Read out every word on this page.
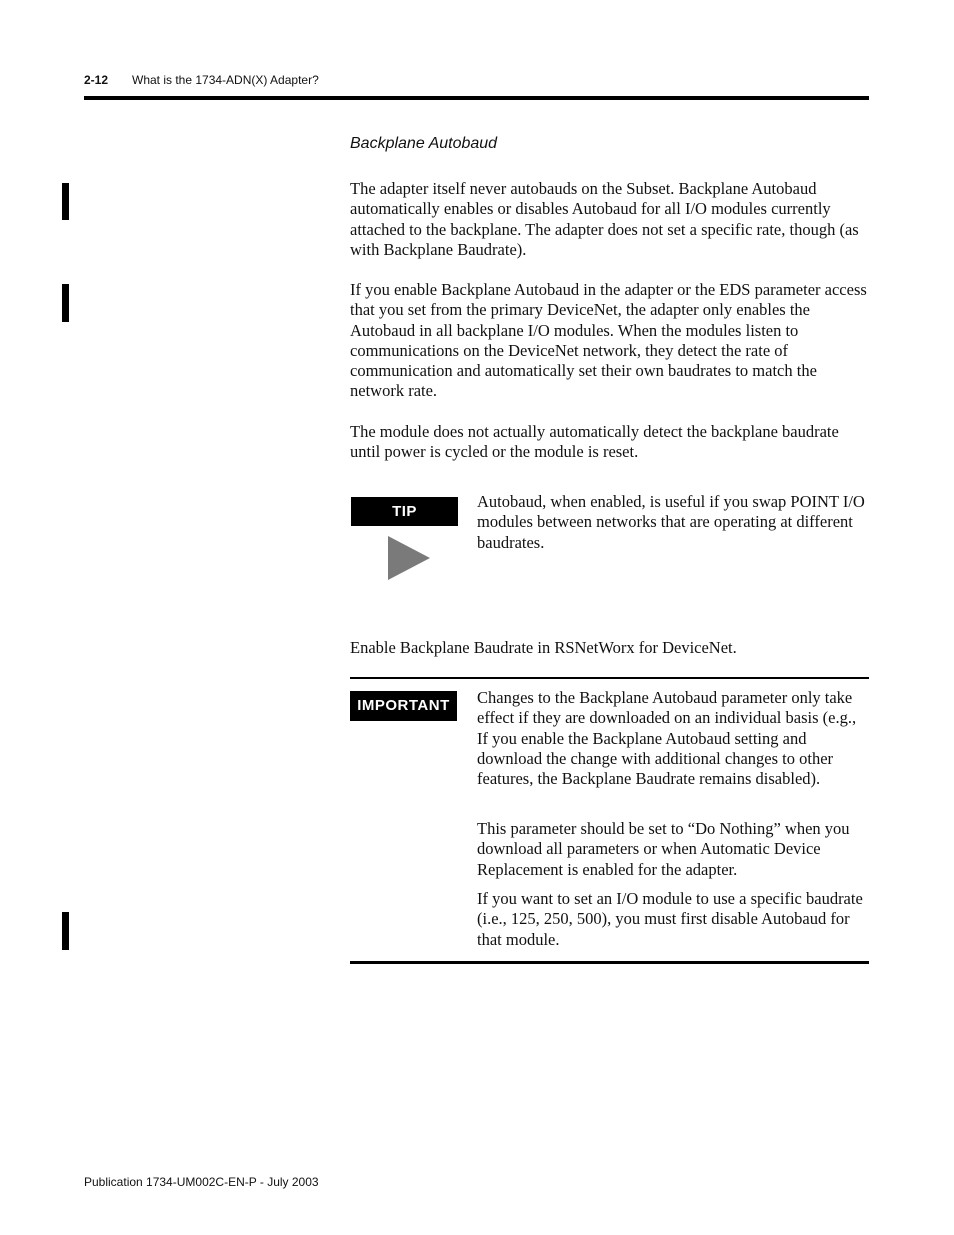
2-12 What is the 1734-ADN(X) Adapter?
Backplane Autobaud
The adapter itself never autobauds on the Subset. Backplane Autobaud automatically enables or disables Autobaud for all I/O modules currently attached to the backplane. The adapter does not set a specific rate, though (as with Backplane Baudrate).
If you enable Backplane Autobaud in the adapter or the EDS parameter access that you set from the primary DeviceNet, the adapter only enables the Autobaud in all backplane I/O modules. When the modules listen to communications on the DeviceNet network, they detect the rate of communication and automatically set their own baudrates to match the network rate.
The module does not actually automatically detect the backplane baudrate until power is cycled or the module is reset.
TIP
Autobaud, when enabled, is useful if you swap POINT I/O modules between networks that are operating at different baudrates.
Enable Backplane Baudrate in RSNetWorx for DeviceNet.
IMPORTANT	Changes to the Backplane Autobaud parameter only take effect if they are downloaded on an individual basis (e.g., If you enable the Backplane Autobaud setting and download the change with additional changes to other features, the Backplane Baudrate remains disabled).
This parameter should be set to “Do Nothing” when you download all parameters or when Automatic Device Replacement is enabled for the adapter.
If you want to set an I/O module to use a specific baudrate (i.e., 125, 250, 500), you must first disable Autobaud for that module.
Publication 1734-UM002C-EN-P - July 2003
